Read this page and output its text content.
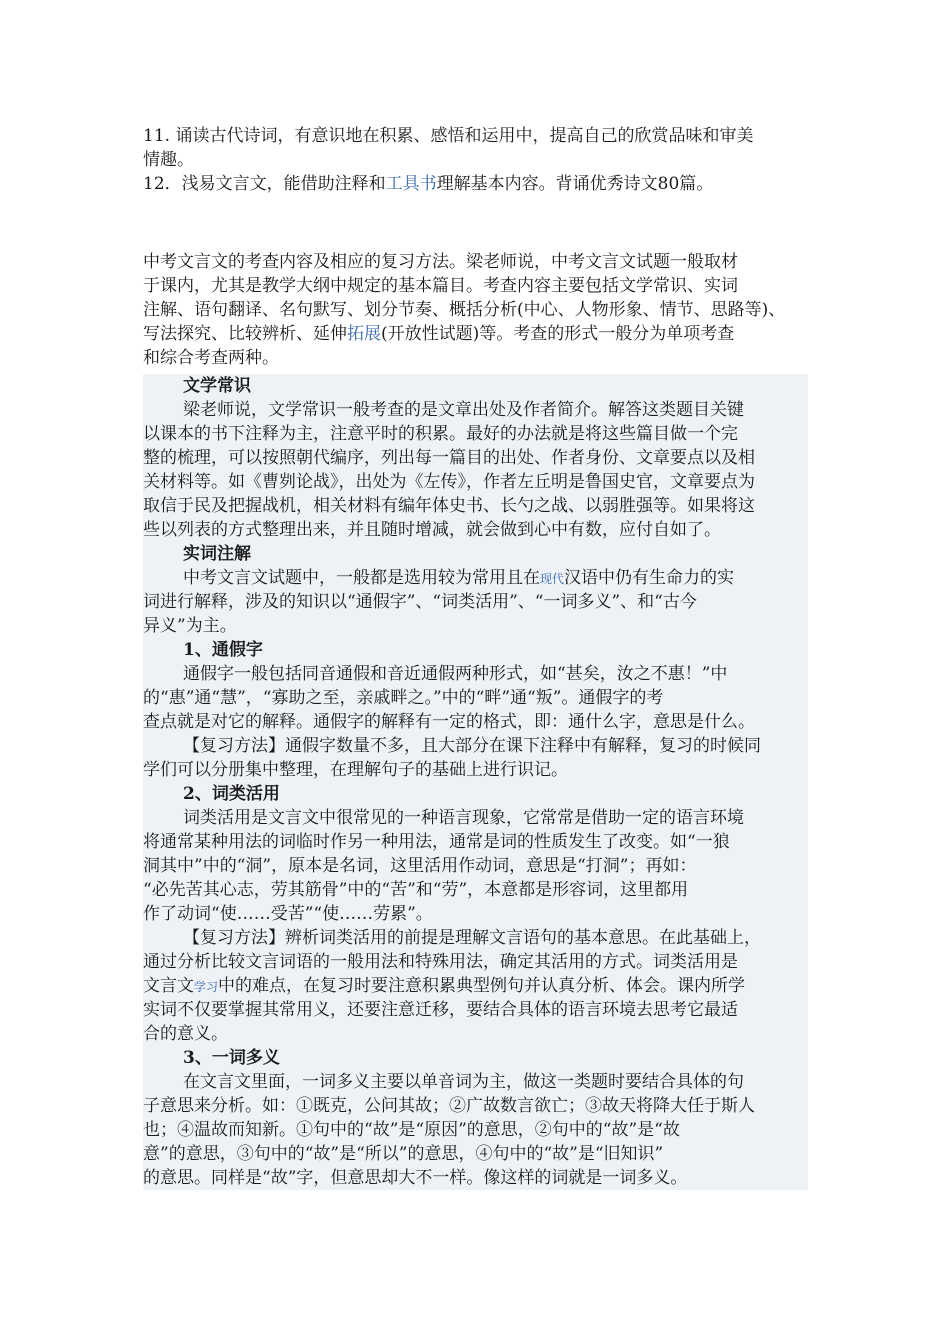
11. 诵读古代诗词，有意识地在积累、感悟和运用中，提高自己的欣赏品味和审美
情趣。
12．浅易文言文，能借助注释和工具书理解基本内容。背诵优秀诗文80篇。
中考文言文的考查内容及相应的复习方法。梁老师说，中考文言文试题一般取材
于课内，尤其是教学大纲中规定的基本篇目。考查内容主要包括文学常识、实词
注解、语句翻译、名句默写、划分节奏、概括分析(中心、人物形象、情节、思路等)、
写法探究、比较辨析、延伸拓展(开放性试题)等。考查的形式一般分为单项考查
和综合考查两种。
文学常识
梁老师说，文学常识一般考查的是文章出处及作者简介。解答这类题目关键
以课本的书下注释为主，注意平时的积累。最好的办法就是将这些篇目做一个完
整的梳理，可以按照朝代编序，列出每一篇目的出处、作者身份、文章要点以及相
关材料等。如《曹刿论战》，出处为《左传》，作者左丘明是鲁国史官，文章要点为
取信于民及把握战机，相关材料有编年体史书、长勺之战、以弱胜强等。如果将这
些以列表的方式整理出来，并且随时增减，就会做到心中有数，应付自如了。
实词注解
中考文言文试题中，一般都是选用较为常用且在现代汉语中仍有生命力的实
词进行解释，涉及的知识以“通假字”、“词类活用”、“一词多义”、和“古今
异义”为主。
1、通假字
通假字一般包括同音通假和音近通假两种形式，如“甚矣，汝之不惠！”中
的“惠”通“慧”，“寡助之至，亲戚畔之。”中的“畔”通“叛”。通假字的考
查点就是对它的解释。通假字的解释有一定的格式，即：通什么字，意思是什么。
【复习方法】通假字数量不多，且大部分在课下注释中有解释，复习的时候同
学们可以分册集中整理，在理解句子的基础上进行识记。
2、词类活用
词类活用是文言文中很常见的一种语言现象，它常常是借助一定的语言环境
将通常某种用法的词临时作另一种用法，通常是词的性质发生了改变。如“一狼
洞其中”中的“洞”，原本是名词，这里活用作动词，意思是“打洞”；再如：
“必先苦其心志，劳其筋骨”中的“苦”和“劳”，本意都是形容词，这里都用
作了动词“使……受苦”“使……劳累”。
【复习方法】辨析词类活用的前提是理解文言语句的基本意思。在此基础上，
通过分析比较文言词语的一般用法和特殊用法，确定其活用的方式。词类活用是
文言文学习中的难点，在复习时要注意积累典型例句并认真分析、体会。课内所学
实词不仅要掌握其常用义，还要注意迁移，要结合具体的语言环境去思考它最适
合的意义。
3、一词多义
在文言文里面，一词多义主要以单音词为主，做这一类题时要结合具体的句
子意思来分析。如：①既克，公问其故；②广故数言欲亡；③故天将降大任于斯人
也；④温故而知新。①句中的“故”是“原因”的意思，②句中的“故”是“故
意”的意思，③句中的“故”是“所以”的意思，④句中的“故”是“旧知识”
的意思。同样是“故”字，但意思却大不一样。像这样的词就是一词多义。
